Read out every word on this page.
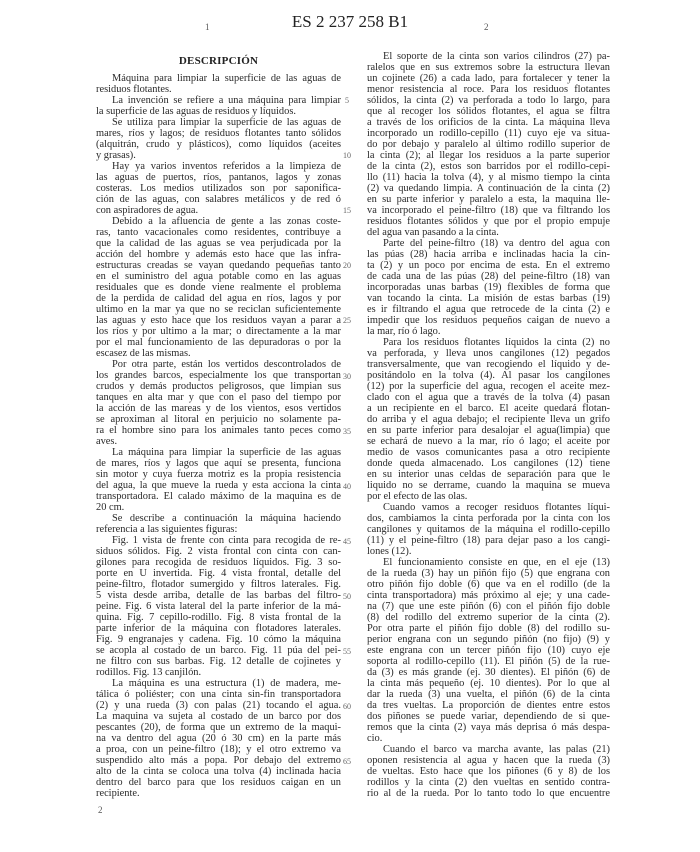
1	ES 2 237 258 B1	2
DESCRIPCIÓN
Máquina para limpiar la superficie de las aguas de
residuos flotantes.
La invención se refiere a una máquina para limpiar
la superficie de las aguas de residuos y líquidos.
Se utiliza para limpiar la superficie de las aguas de
mares, ríos y lagos; de residuos flotantes tanto sólidos
(alquitrán, crudo y plásticos), como líquidos (aceites
y grasas).
Hay ya varios inventos referidos a la limpieza de
las aguas de puertos, ríos, pantanos, lagos y zonas
costeras. Los medios utilizados son por saponifica-
ción de las aguas, con salabres metálicos y de red ó
con aspiradores de agua.
Debido a la afluencia de gente a las zonas coste-
ras, tanto vacacionales como residentes, contribuye a
que la calidad de las aguas se vea perjudicada por la
acción del hombre y además esto hace que las infra-
estructuras creadas se vayan quedando pequeñas tanto
en el suministro del agua potable como en las aguas
residuales que es donde viene realmente el problema
de la perdida de calidad del agua en ríos, lagos y por
ultimo en la mar ya que no se reciclan suficientemente
las aguas y esto hace que los residuos vayan a parar a
los ríos y por ultimo a la mar; o directamente a la mar
por el mal funcionamiento de las depuradoras o por la
escasez de las mismas.
Por otra parte, están los vertidos descontrolados de
los grandes barcos, especialmente los que transportan
crudos y demás productos peligrosos, que limpian sus
tanques en alta mar y que con el paso del tiempo por
la acción de las mareas y de los vientos, esos vertidos
se aproximan al litoral en perjuicio no solamente pa-
ra el hombre sino para los animales tanto peces como
aves.
La máquina para limpiar la superficie de las aguas
de mares, ríos y lagos que aquí se presenta, funciona
sin motor y cuya fuerza motriz es la propia resistencia
del agua, la que mueve la rueda y esta acciona la cinta
transportadora. El calado máximo de la maquina es de
20 cm.
Se describe a continuación la máquina haciendo
referencia a las siguientes figuras:
Fig. 1 vista de frente con cinta para recogida de re-
siduos sólidos. Fig. 2 vista frontal con cinta con can-
gilones para recogida de residuos líquidos. Fig. 3 so-
porte en U invertida. Fig. 4 vista frontal, detalle del
peine-filtro, flotador sumergido y filtros laterales. Fig.
5 vista desde arriba, detalle de las barbas del filtro-
peine. Fig. 6 vista lateral del la parte inferior de la má-
quina. Fig. 7 cepillo-rodillo. Fig. 8 vista frontal de la
parte inferior de la máquina con flotadores laterales.
Fig. 9 engranajes y cadena. Fig. 10 cómo la máquina
se acopla al costado de un barco. Fig. 11 púa del pei-
ne filtro con sus barbas. Fig. 12 detalle de cojinetes y
rodillos. Fig. 13 canjilón.
La máquina es una estructura (1) de madera, me-
tálica ó poliéster; con una cinta sin-fin transportadora
(2) y una rueda (3) con palas (21) tocando el agua.
La maquina va sujeta al costado de un barco por dos
pescantes (20), de forma que un extremo de la maqui-
na va dentro del agua (20 ó 30 cm) en la parte más
a proa, con un peine-filtro (18); y el otro extremo va
suspendido alto más a popa. Por debajo del extremo
alto de la cinta se coloca una tolva (4) inclinada hacia
dentro del barco para que los residuos caigan en un
recipiente.
5
10
15
20
25
30
35
40
45
50
55
60
65
El soporte de la cinta son varios cilindros (27) pa-
ralelos que en sus extremos sobre la estructura llevan
un cojinete (26) a cada lado, para fortalecer y tener la
menor resistencia al roce. Para los residuos flotantes
sólidos, la cinta (2) va perforada a todo lo largo, para
que al recoger los sólidos flotantes, el agua se filtra
a través de los orificios de la cinta. La máquina lleva
incorporado un rodillo-cepillo (11) cuyo eje va situa-
do por debajo y paralelo al último rodillo superior de
la cinta (2); al llegar los residuos a la parte superior
de la cinta (2), estos son barridos por el rodillo-cepi-
llo (11) hacia la tolva (4), y al mismo tiempo la cinta
(2) va quedando limpia. A continuación de la cinta (2)
en su parte inferior y paralelo a esta, la maquina lle-
va incorporado el peine-filtro (18) que va filtrando los
residuos flotantes sólidos y que por el propio empuje
del agua van pasando a la cinta.
Parte del peine-filtro (18) va dentro del agua con
las púas (28) hacia arriba e inclinadas hacia la cin-
ta (2) y un poco por encima de esta. En el extremo
de cada una de las púas (28) del peine-filtro (18) van
incorporadas unas barbas (19) flexibles de forma que
van tocando la cinta. La misión de estas barbas (19)
es ir filtrando el agua que retrocede de la cinta (2) e
impedir que los residuos pequeños caigan de nuevo a
la mar, río ó lago.
Para los residuos flotantes líquidos la cinta (2) no
va perforada, y lleva unos cangilones (12) pegados
transversalmente, que van recogiendo el líquido y de-
positándolo en la tolva (4). Al pasar los cangilones
(12) por la superficie del agua, recogen el aceite mez-
clado con el agua que a través de la tolva (4) pasan
a un recipiente en el barco. El aceite quedará flotan-
do arriba y el agua debajo; el recipiente lleva un grifo
en su parte inferior para desalojar el agua(limpia) que
se echará de nuevo a la mar, río ó lago; el aceite por
medio de vasos comunicantes pasa a otro recipiente
donde queda almacenado. Los cangilones (12) tiene
en su interior unas celdas de separación para que le
liquido no se derrame, cuando la maquina se mueva
por el efecto de las olas.
Cuando vamos a recoger residuos flotantes líqui-
dos, cambiamos la cinta perforada por la cinta con los
cangilones y quitamos de la máquina el rodillo-cepillo
(11) y el peine-filtro (18) para dejar paso a los cangi-
lones (12).
El funcionamiento consiste en que, en el eje (13)
de la rueda (3) hay un piñón fijo (5) que engrana con
otro piñón fijo doble (6) que va en el rodillo (de la
cinta transportadora) más próximo al eje; y una cade-
na (7) que une este piñón (6) con el piñón fijo doble
(8) del rodillo del extremo superior de la cinta (2).
Por otra parte el piñón fijo doble (8) del rodillo su-
perior engrana con un segundo piñón (no fijo) (9) y
este engrana con un tercer piñón fijo (10) cuyo eje
soporta al rodillo-cepillo (11). El piñón (5) de la rue-
da (3) es más grande (ej. 30 dientes). El piñón (6) de
la cinta más pequeño (ej. 10 dientes). Por lo que al
dar la rueda (3) una vuelta, el piñón (6) de la cinta
da tres vueltas. La proporción de dientes entre estos
dos piñones se puede variar, dependiendo de si que-
remos que la cinta (2) vaya más deprisa ó más despa-
cio.
Cuando el barco va marcha avante, las palas (21)
oponen resistencia al agua y hacen que la rueda (3)
de vueltas. Esto hace que los piñones (6 y 8) de los
rodillos y la cinta (2) den vueltas en sentido contra-
rio al de la rueda. Por lo tanto todo lo que encuentre
2
